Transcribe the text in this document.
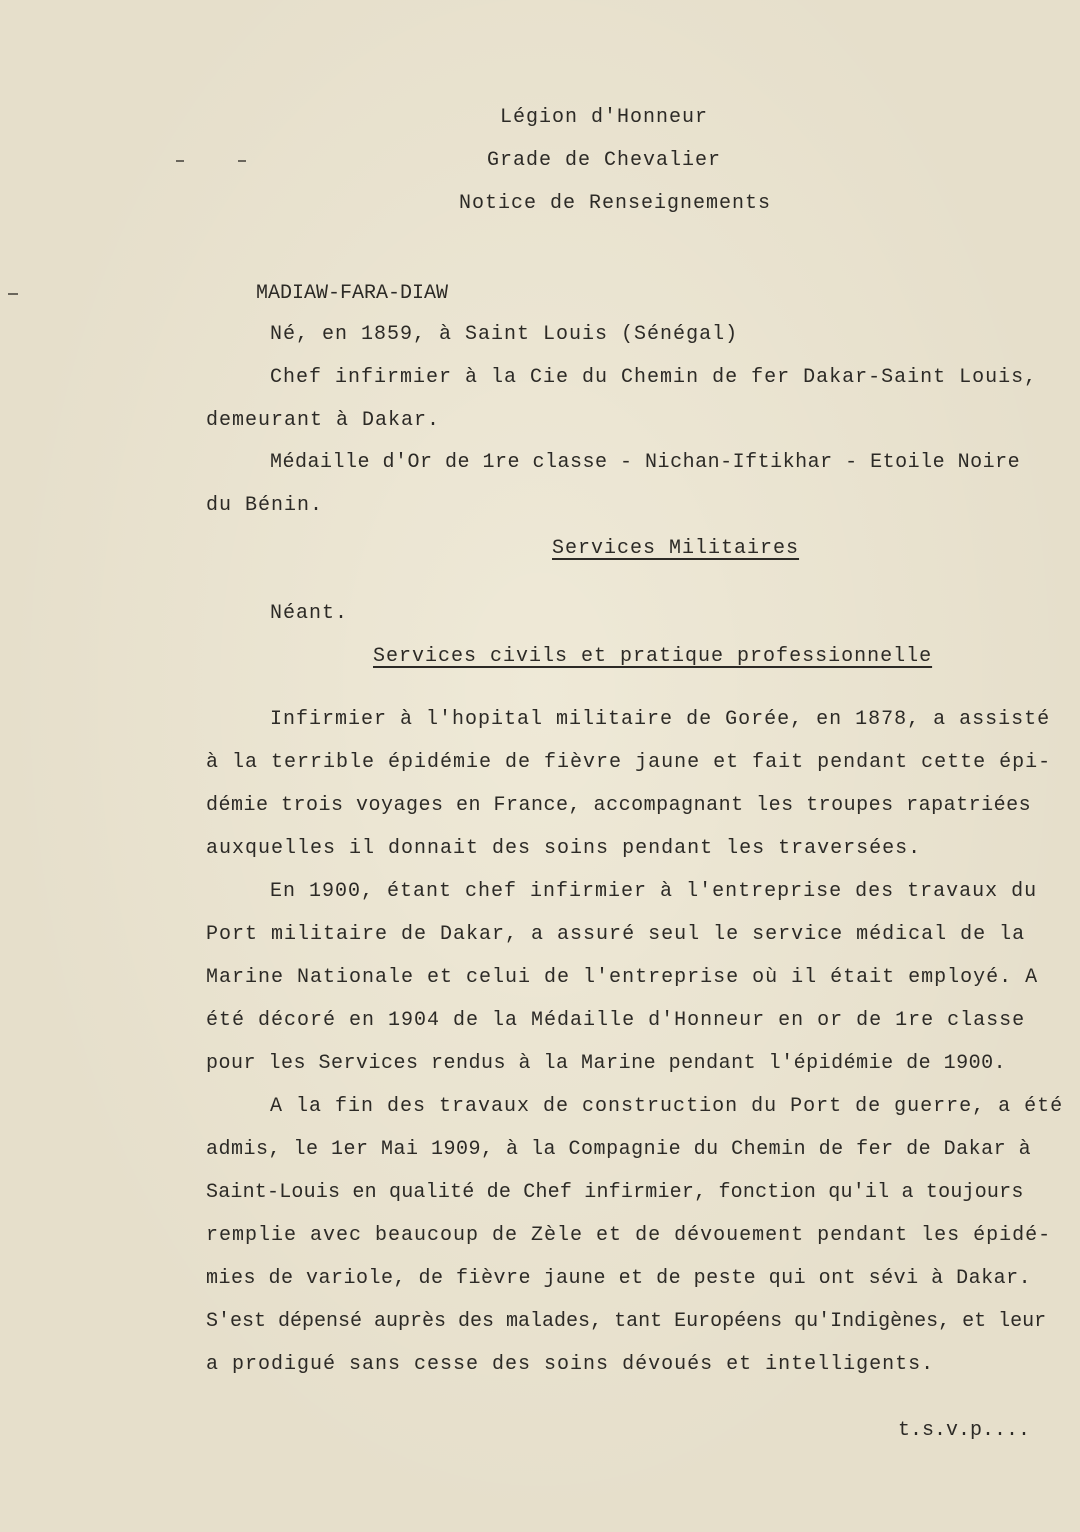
Légion d'Honneur
Grade de Chevalier
Notice de Renseignements
MADIAW-FARA-DIAW
Né, en 1859, à Saint Louis (Sénégal)
Chef infirmier à la Cie du Chemin de fer Dakar-Saint Louis,
demeurant à Dakar.
Médaille d'Or de 1re classe - Nichan-Iftikhar - Etoile Noire
du Bénin.
Services Militaires
Néant.
Services civils et pratique professionnelle
Infirmier à l'hopital militaire de Gorée, en 1878, a assisté
à la terrible épidémie de fièvre jaune et fait pendant cette épi-
démie trois voyages en France, accompagnant les troupes rapatriées
auxquelles il donnait des soins pendant les traversées.
En 1900, étant chef infirmier à l'entreprise des travaux du
Port militaire de Dakar, a assuré seul le service médical de la
Marine Nationale et celui de l'entreprise où il était employé. A
été décoré en 1904 de la Médaille d'Honneur en or de 1re classe
pour les Services rendus à la Marine pendant l'épidémie de 1900.
A la fin des travaux de construction du Port de guerre, a été
admis, le 1er Mai 1909, à la Compagnie du Chemin de fer de Dakar à
Saint-Louis en qualité de Chef infirmier, fonction qu'il a toujours
remplie avec beaucoup de Zèle et de dévouement pendant les épidé-
mies de variole, de fièvre jaune et de peste qui ont sévi à Dakar.
S'est dépensé auprès des malades, tant Européens qu'Indigènes, et leur
a prodigué sans cesse des soins dévoués et intelligents.
t.s.v.p....
